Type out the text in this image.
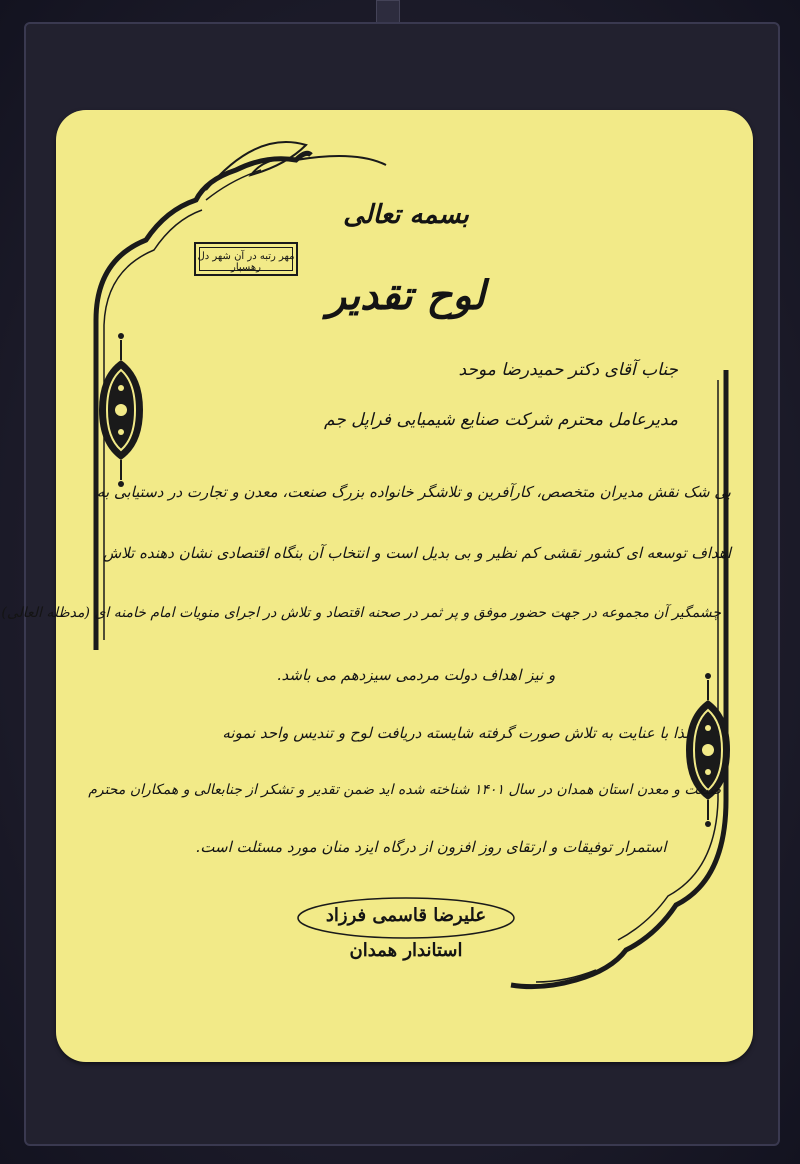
بسمه تعالی
مهر رتبه در آن شهر دل رهسپار
لوح تقدیر
جناب آقای دکتر حمیدرضا موحد
مدیرعامل محترم شرکت صنایع شیمیایی فراپل جم
بی شک نقش مدیران متخصص، کارآفرین و تلاشگر خانواده بزرگ صنعت، معدن و تجارت در دستیابی به
اهداف توسعه ای کشور نقشی کم نظیر و بی بدیل است و انتخاب آن بنگاه اقتصادی نشان دهنده تلاش
چشمگیر آن مجموعه در جهت حضور موفق و پر ثمر در صحنه اقتصاد و تلاش در اجرای منویات امام خامنه ای (مدظله العالی)
و نیز اهداف دولت مردمی سیزدهم می باشد.
لذا با عنایت به تلاش صورت گرفته شایسته دریافت لوح و تندیس واحد نمونه
صنعت و معدن استان همدان در سال ۱۴۰۱ شناخته شده اید ضمن تقدیر و تشکر از جنابعالی و همکاران محترم
استمرار توفیقات و ارتقای روز افزون از درگاه ایزد منان مورد مسئلت است.
علیرضا قاسمی فرزاد
استاندار همدان
